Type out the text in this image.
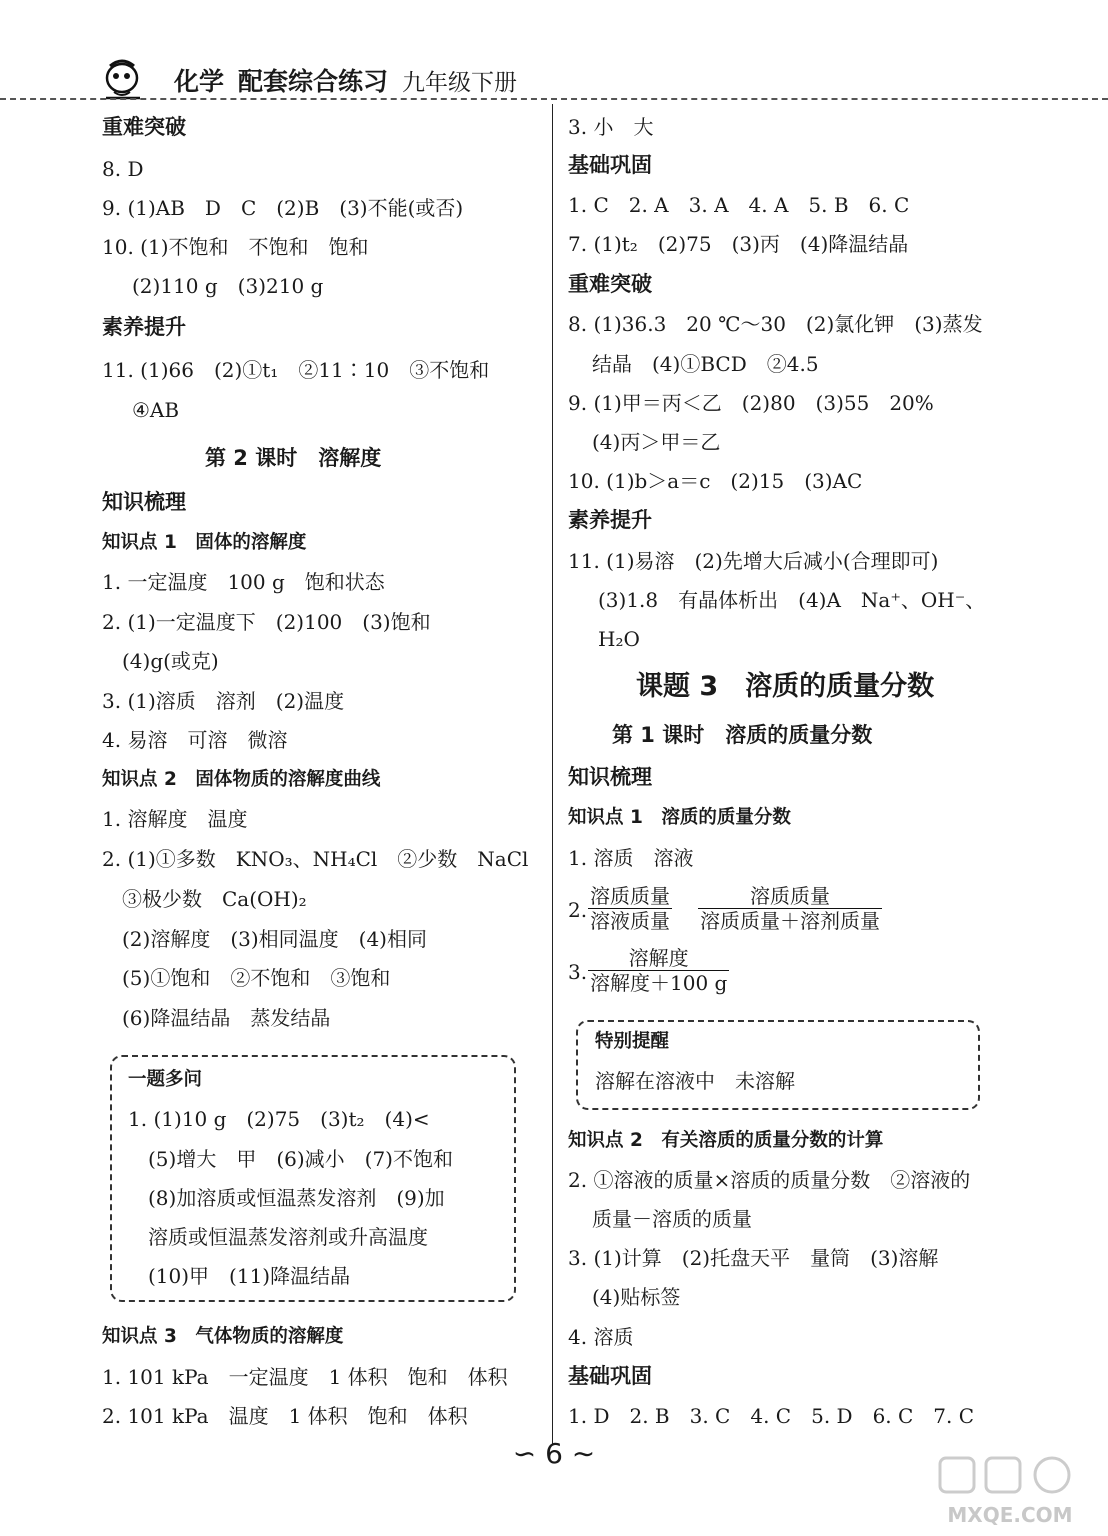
化学 配套综合练习 九年级下册
重难突破
8. D
9. (1)AB　D　C　(2)B　(3)不能(或否)
10. (1)不饱和　不饱和　饱和
(2)110 g　(3)210 g
素养提升
11. (1)66　(2)①t₁　②11∶10　③不饱和
④AB
第 2 课时　溶解度
知识梳理
知识点 1　固体的溶解度
1. 一定温度　100 g　饱和状态
2. (1)一定温度下　(2)100　(3)饱和
(4)g(或克)
3. (1)溶质　溶剂　(2)温度
4. 易溶　可溶　微溶
知识点 2　固体物质的溶解度曲线
1. 溶解度　温度
2. (1)①多数　KNO₃、NH₄Cl　②少数　NaCl
③极少数　Ca(OH)₂
(2)溶解度　(3)相同温度　(4)相同
(5)①饱和　②不饱和　③饱和
(6)降温结晶　蒸发结晶
一题多问
1. (1)10 g　(2)75　(3)t₂　(4)<
(5)增大　甲　(6)减小　(7)不饱和
(8)加溶质或恒温蒸发溶剂　(9)加
溶质或恒温蒸发溶剂或升高温度
(10)甲　(11)降温结晶
知识点 3　气体物质的溶解度
1. 101 kPa　一定温度　1 体积　饱和　体积
2. 101 kPa　温度　1 体积　饱和　体积
3. 小　大
基础巩固
1. C　2. A　3. A　4. A　5. B　6. C
7. (1)t₂　(2)75　(3)丙　(4)降温结晶
重难突破
8. (1)36.3　20 ℃～30　(2)氯化钾　(3)蒸发
结晶　(4)①BCD　②4.5
9. (1)甲＝丙＜乙　(2)80　(3)55　20%
(4)丙＞甲＝乙
10. (1)b＞a＝c　(2)15　(3)AC
素养提升
11. (1)易溶　(2)先增大后减小(合理即可)
(3)1.8　有晶体析出　(4)A　Na⁺、OH⁻、
H₂O
课题 3　溶质的质量分数
第 1 课时　溶质的质量分数
知识梳理
知识点 1　溶质的质量分数
1. 溶质　溶液
2.
溶质质量
溶液质量
溶质质量
溶质质量＋溶剂质量
3.
溶解度
溶解度＋100 g
特别提醒
溶解在溶液中　未溶解
知识点 2　有关溶质的质量分数的计算
2. ①溶液的质量×溶质的质量分数　②溶液的
质量－溶质的质量
3. (1)计算　(2)托盘天平　量筒　(3)溶解
(4)贴标签
4. 溶质
基础巩固
1. D　2. B　3. C　4. C　5. D　6. C　7. C
∽ 6 ∼
MXQE.COM
